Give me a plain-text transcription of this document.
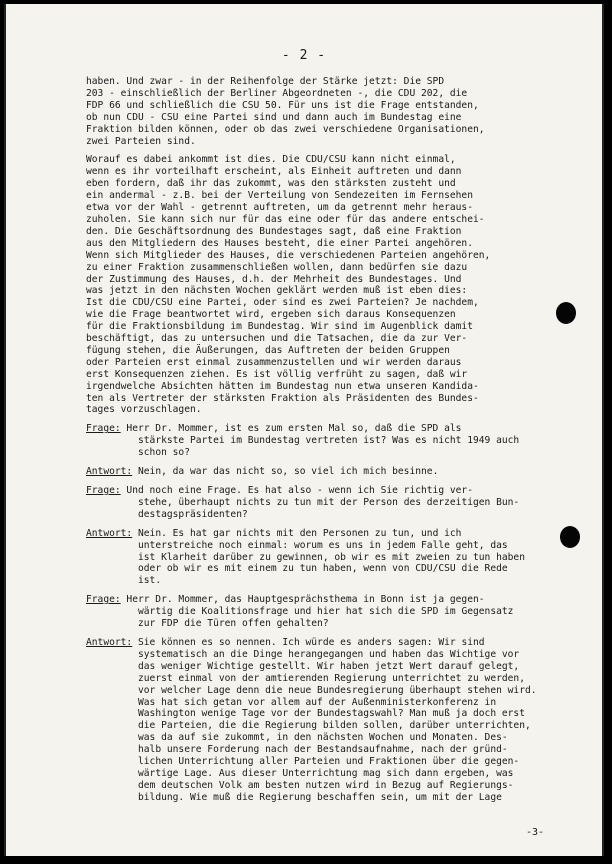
- 2 -
haben. Und zwar - in der Reihenfolge der Stärke jetzt: Die SPD
203 - einschließlich der Berliner Abgeordneten -, die CDU 202, die
FDP 66 und schließlich die CSU 50. Für uns ist die Frage entstanden,
ob nun CDU - CSU eine Partei sind und dann auch im Bundestag eine
Fraktion bilden können, oder ob das zwei verschiedene Organisationen,
zwei Parteien sind.
Worauf es dabei ankommt ist dies. Die CDU/CSU kann nicht einmal,
wenn es ihr vorteilhaft erscheint, als Einheit auftreten und dann
eben fordern, daß ihr das zukommt, was den stärksten zusteht und
ein andermal - z.B. bei der Verteilung von Sendezeiten im Fernsehen
etwa vor der Wahl - getrennt auftreten, um da getrennt mehr heraus-
zuholen. Sie kann sich nur für das eine oder für das andere entschei-
den. Die Geschäftsordnung des Bundestages sagt, daß eine Fraktion
aus den Mitgliedern des Hauses besteht, die einer Partei angehören.
Wenn sich Mitglieder des Hauses, die verschiedenen Parteien angehören,
zu einer Fraktion zusammenschließen wollen, dann bedürfen sie dazu
der Zustimmung des Hauses, d.h. der Mehrheit des Bundestages. Und
was jetzt in den nächsten Wochen geklärt werden muß ist eben dies:
Ist die CDU/CSU eine Partei, oder sind es zwei Parteien? Je nachdem,
wie die Frage beantwortet wird, ergeben sich daraus Konsequenzen
für die Fraktionsbildung im Bundestag. Wir sind im Augenblick damit
beschäftigt, das zu untersuchen und die Tatsachen, die da zur Ver-
fügung stehen, die Äußerungen, das Auftreten der beiden Gruppen
oder Parteien erst einmal zusammenzustellen und wir werden daraus
erst Konsequenzen ziehen. Es ist völlig verfrüht zu sagen, daß wir
irgendwelche Absichten hätten im Bundestag nun etwa unseren Kandida-
ten als Vertreter der stärksten Fraktion als Präsidenten des Bundes-
tages vorzuschlagen.
Frage: Herr Dr. Mommer, ist es zum ersten Mal so, daß die SPD als
stärkste Partei im Bundestag vertreten ist? Was es nicht 1949 auch
schon so?
Antwort: Nein, da war das nicht so, so viel ich mich besinne.
Frage: Und noch eine Frage. Es hat also - wenn ich Sie richtig ver-
stehe, überhaupt nichts zu tun mit der Person des derzeitigen Bun-
destagspräsidenten?
Antwort: Nein. Es hat gar nichts mit den Personen zu tun, und ich
unterstreiche noch einmal: worum es uns in jedem Falle geht, das
ist Klarheit darüber zu gewinnen, ob wir es mit zweien zu tun haben
oder ob wir es mit einem zu tun haben, wenn von CDU/CSU die Rede
ist.
Frage: Herr Dr. Mommer, das Hauptgesprächsthema in Bonn ist ja gegen-
wärtig die Koalitionsfrage und hier hat sich die SPD im Gegensatz
zur FDP die Türen offen gehalten?
Antwort: Sie können es so nennen. Ich würde es anders sagen: Wir sind
systematisch an die Dinge herangegangen und haben das Wichtige vor
das weniger Wichtige gestellt. Wir haben jetzt Wert darauf gelegt,
zuerst einmal von der amtierenden Regierung unterrichtet zu werden,
vor welcher Lage denn die neue Bundesregierung überhaupt stehen wird.
Was hat sich getan vor allem auf der Außenministerkonferenz in
Washington wenige Tage vor der Bundestagswahl? Man muß ja doch erst
die Parteien, die die Regierung bilden sollen, darüber unterrichten,
was da auf sie zukommt, in den nächsten Wochen und Monaten. Des-
halb unsere Forderung nach der Bestandsaufnahme, nach der gründ-
lichen Unterrichtung aller Parteien und Fraktionen über die gegen-
wärtige Lage. Aus dieser Unterrichtung mag sich dann ergeben, was
dem deutschen Volk am besten nutzen wird in Bezug auf Regierungs-
bildung. Wie muß die Regierung beschaffen sein, um mit der Lage
-3-
